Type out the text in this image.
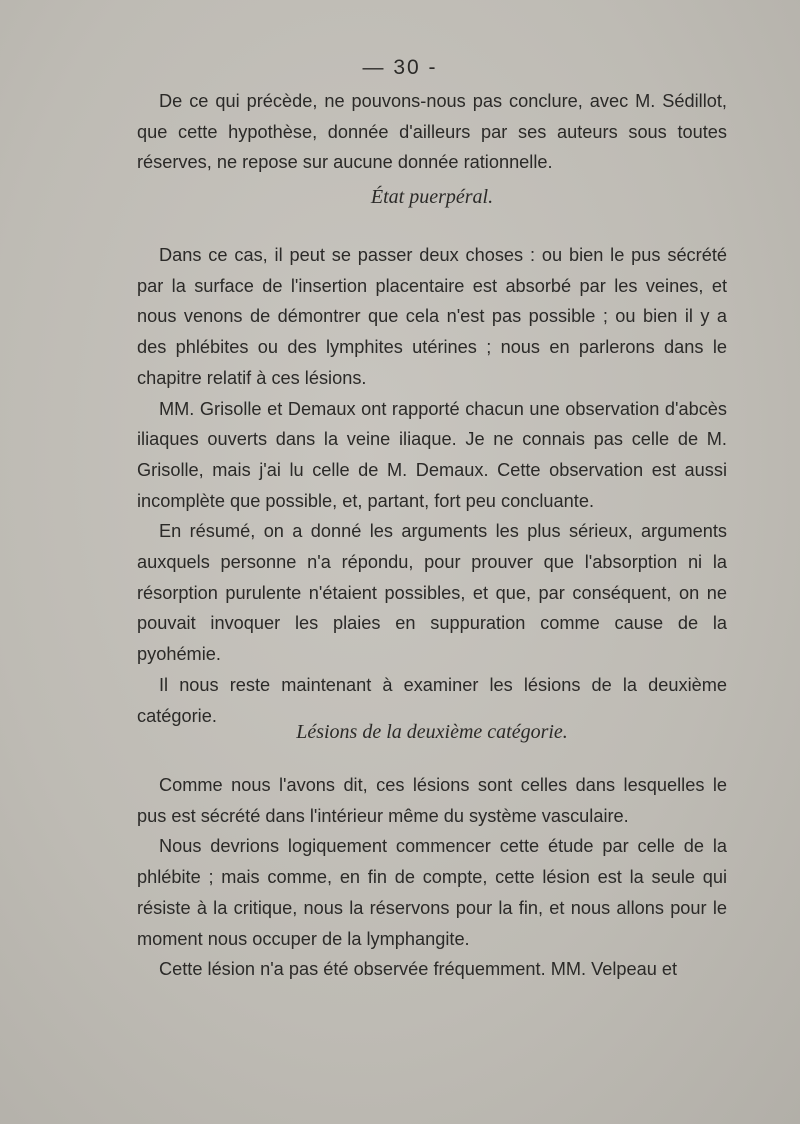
— 30 -

De ce qui précède, ne pouvons-nous pas conclure, avec M. Sédillot, que cette hypothèse, donnée d'ailleurs par ses auteurs sous toutes réserves, ne repose sur aucune donnée rationnelle.

État puerpéral.

Dans ce cas, il peut se passer deux choses : ou bien le pus sécrété par la surface de l'insertion placentaire est absorbé par les veines, et nous venons de démontrer que cela n'est pas possible ; ou bien il y a des phlébites ou des lymphites utérines ; nous en parlerons dans le chapitre relatif à ces lésions.

MM. Grisolle et Demaux ont rapporté chacun une observation d'abcès iliaques ouverts dans la veine iliaque. Je ne connais pas celle de M. Grisolle, mais j'ai lu celle de M. Demaux. Cette observation est aussi incomplète que possible, et, partant, fort peu concluante.

En résumé, on a donné les arguments les plus sérieux, arguments auxquels personne n'a répondu, pour prouver que l'absorption ni la résorption purulente n'étaient possibles, et que, par conséquent, on ne pouvait invoquer les plaies en suppuration comme cause de la pyohémie.

Il nous reste maintenant à examiner les lésions de la deuxième catégorie.

Lésions de la deuxième catégorie.

Comme nous l'avons dit, ces lésions sont celles dans lesquelles le pus est sécrété dans l'intérieur même du système vasculaire.

Nous devrions logiquement commencer cette étude par celle de la phlébite ; mais comme, en fin de compte, cette lésion est la seule qui résiste à la critique, nous la réservons pour la fin, et nous allons pour le moment nous occuper de la lymphangite.

Cette lésion n'a pas été observée fréquemment. MM. Velpeau et
